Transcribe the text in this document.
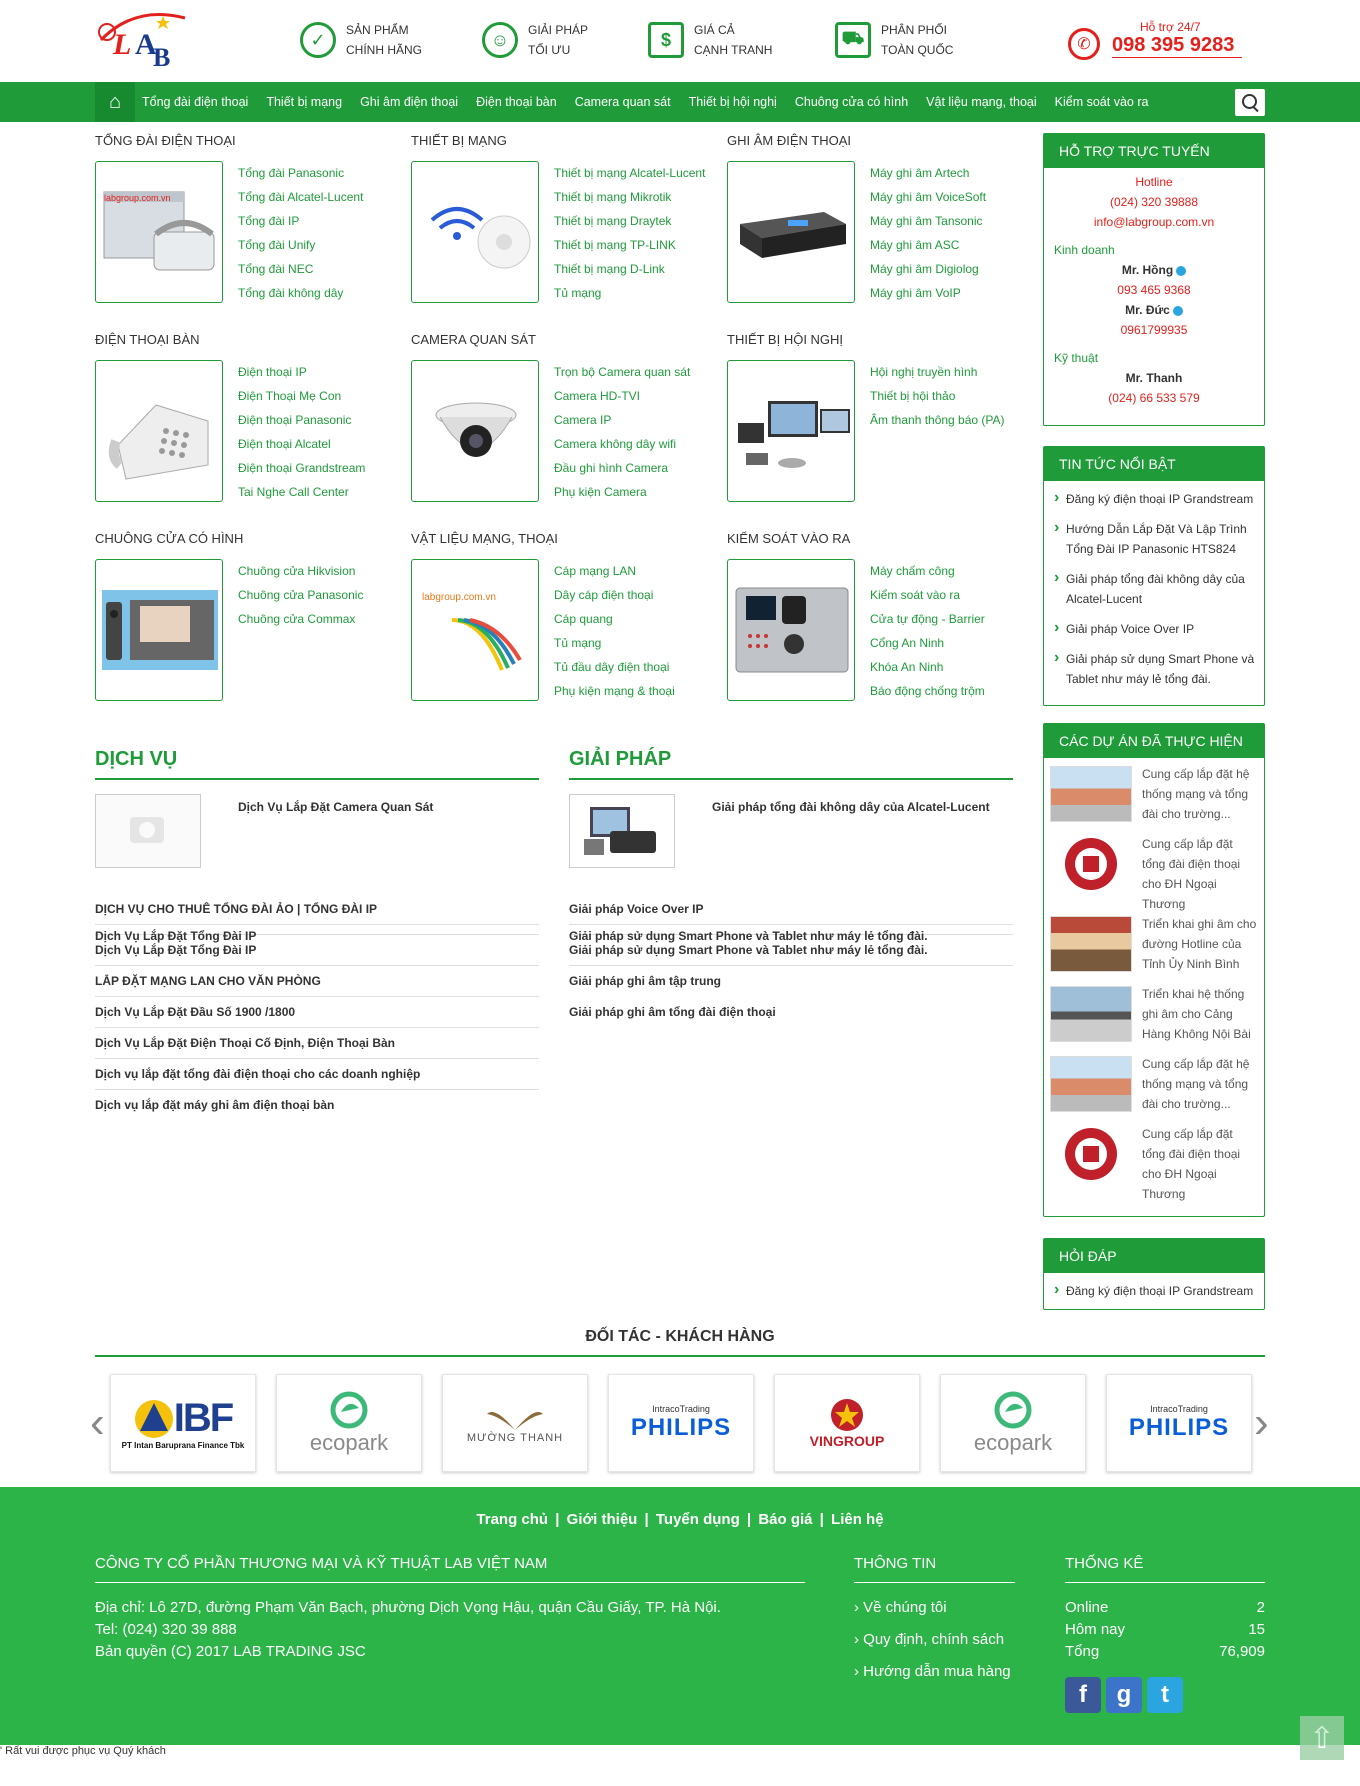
L A
B
✓	SẢN PHẨM
CHÍNH HÃNG
☺	GIẢI PHÁP
TỐI ƯU
$	GIÁ CẢ
CẠNH TRANH
⛟	PHÂN PHỐI
TOÀN QUỐC	✆
Hỗ trợ 24/7
098 395 9283
⌂	Tổng đài điện thoại Thiết bị mạng Ghi âm điện thoại Điện thoại bàn Camera quan sát Thiết bị hội nghị Chuông cửa có hình Vật liệu mạng, thoại Kiểm soát vào ra
TỔNG ĐÀI ĐIỆN THOẠI
labgroup.com.vn
Tổng đài Panasonic
Tổng đài Alcatel-Lucent
Tổng đài IP
Tổng đài Unify
Tổng đài NEC
Tổng đài không dây
THIẾT BỊ MẠNG
Thiết bị mạng Alcatel-Lucent
Thiết bị mạng Mikrotik
Thiết bị mạng Draytek
Thiết bị mạng TP-LINK
Thiết bị mạng D-Link
Tủ mạng
GHI ÂM ĐIỆN THOẠI
Máy ghi âm Artech
Máy ghi âm VoiceSoft
Máy ghi âm Tansonic
Máy ghi âm ASC
Máy ghi âm Digiolog
Máy ghi âm VoIP
ĐIỆN THOẠI BÀN
Điện thoại IP
Điện Thoại Mẹ Con
Điện thoại Panasonic
Điện thoại Alcatel
Điện thoại Grandstream
Tai Nghe Call Center
CAMERA QUAN SÁT
Trọn bộ Camera quan sát
Camera HD-TVI
Camera IP
Camera không dây wifi
Đầu ghi hình Camera
Phụ kiện Camera
THIẾT BỊ HỘI NGHỊ
Hội nghị truyền hình
Thiết bị hội thảo
Âm thanh thông báo (PA)
CHUÔNG CỬA CÓ HÌNH
Chuông cửa Hikvision
Chuông cửa Panasonic
Chuông cửa Commax
VẬT LIỆU MẠNG, THOẠI
labgroup.com.vn
Cáp mạng LAN
Dây cáp điện thoại
Cáp quang
Tủ mạng
Tủ đầu dây điện thoại
Phụ kiện mạng & thoại
KIỂM SOÁT VÀO RA
Máy chấm công
Kiểm soát vào ra
Cửa tự động - Barrier
Cổng An Ninh
Khóa An Ninh
Báo động chống trộm
HỖ TRỢ TRỰC TUYẾN
Hotline
(024) 320 39888
info@labgroup.com.vn
Kinh doanh
Mr. Hồng
093 465 9368
Mr. Đức
0961799935
Kỹ thuật
Mr. Thanh
(024) 66 533 579
TIN TỨC NỔI BẬT
› Đăng ký điện thoại IP Grandstream
› Hướng Dẫn Lắp Đặt Và Lập Trình Tổng Đài IP Panasonic HTS824
› Giải pháp tổng đài không dây của Alcatel-Lucent
› Giải pháp Voice Over IP
› Giải pháp sử dụng Smart Phone và Tablet như máy lẻ tổng đài.
CÁC DỰ ÁN ĐÃ THỰC HIỆN
Cung cấp lắp đặt hệ thống mạng và tổng đài cho trường...
Cung cấp lắp đặt tổng đài điện thoại cho ĐH Ngoại Thương
Triển khai ghi âm cho đường Hotline của Tỉnh Ủy Ninh Bình
Triển khai hệ thống ghi âm cho Cảng Hàng Không Nội Bài
Cung cấp lắp đặt hệ thống mạng và tổng đài cho trường...
Cung cấp lắp đặt tổng đài điện thoại cho ĐH Ngoại Thương
HỎI ĐÁP
› Đăng ký điện thoại IP Grandstream
DỊCH VỤ
Dịch Vụ Lắp Đặt Camera Quan Sát
DỊCH VỤ CHO THUÊ TỔNG ĐÀI ẢO | TỔNG ĐÀI IP
Dịch Vụ Lắp Đặt Tổng Đài IP
Dịch Vụ Lắp Đặt Tổng Đài IP
LẮP ĐẶT MẠNG LAN CHO VĂN PHÒNG
Dịch Vụ Lắp Đặt Đầu Số 1900 /1800
Dịch Vụ Lắp Đặt Điện Thoại Cố Định, Điện Thoại Bàn
Dịch vụ lắp đặt tổng đài điện thoại cho các doanh nghiệp
Dịch vụ lắp đặt máy ghi âm điện thoại bàn
GIẢI PHÁP
Giải pháp tổng đài không dây của Alcatel-Lucent
Giải pháp Voice Over IP
Giải pháp sử dụng Smart Phone và Tablet như máy lẻ tổng đài.
Giải pháp sử dụng Smart Phone và Tablet như máy lẻ tổng đài.
Giải pháp ghi âm tập trung
Giải pháp ghi âm tổng đài điện thoại
ĐỐI TÁC - KHÁCH HÀNG
‹	›
IBF
PT Intan Baruprana Finance Tbk	ecopark	MƯỜNG THANH
IntracoTrading
PHILIPS	VINGROUP	ecopark
IntracoTrading
PHILIPS
Trang chủ | Giới thiệu | Tuyển dụng | Báo giá | Liên hệ
CÔNG TY CỔ PHẦN THƯƠNG MẠI VÀ KỸ THUẬT LAB VIỆT NAM

Địa chỉ: Lô 27D, đường Phạm Văn Bạch, phường Dịch Vọng Hậu, quận Cầu Giấy, TP. Hà Nội.

Tel: (024) 320 39 888

Bản quyền (C) 2017 LAB TRADING JSC

THÔNG TIN

› Về chúng tôi

› Quy định, chính sách

› Hướng dẫn mua hàng

THỐNG KÊ
Online	2
Hôm nay	15
Tổng	76,909
f	g	t
' Rất vui được phục vụ Quý khách	⇧
